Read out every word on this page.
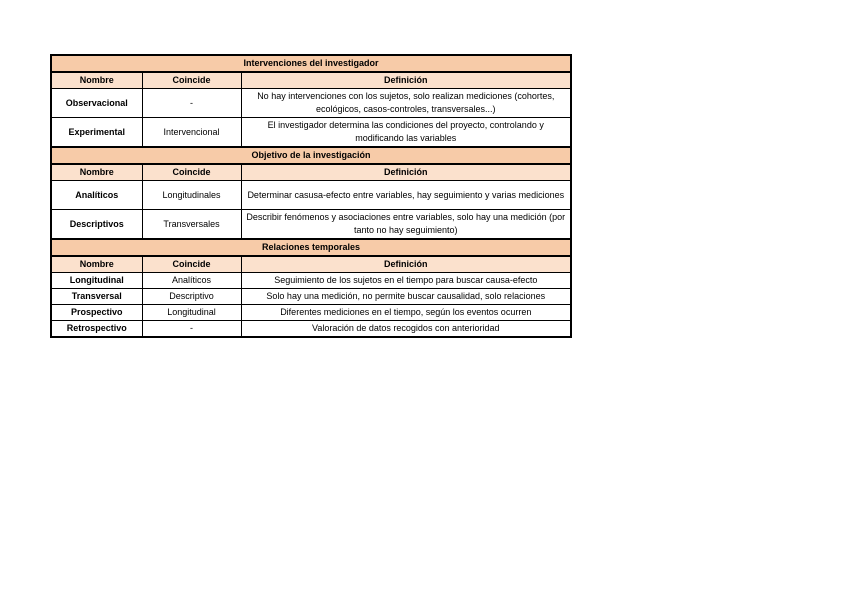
Intervenciones del investigador		
Nombre	Coincide	Definición
Observacional	-	No hay intervenciones con los sujetos, solo realizan mediciones (cohortes, ecológicos, casos-controles, transversales...)
Experimental	Intervencional	El investigador determina las condiciones del proyecto, controlando y modificando las variables
Objetivo de la investigación		
Nombre	Coincide	Definición
Analíticos	Longitudinales	Determinar casusa-efecto entre variables, hay seguimiento y varias mediciones
Descriptivos	Transversales	Describir fenómenos y asociaciones entre variables, solo hay una medición (por tanto no hay seguimiento)
Relaciones temporales		
Nombre	Coincide	Definición
Longitudinal	Analíticos	Seguimiento de los sujetos en el tiempo para buscar causa-efecto
Transversal	Descriptivo	Solo hay una medición, no permite buscar causalidad, solo relaciones
Prospectivo	Longitudinal	Diferentes mediciones en el tiempo, según los eventos ocurren
Retrospectivo	-	Valoración de datos recogidos con anterioridad
